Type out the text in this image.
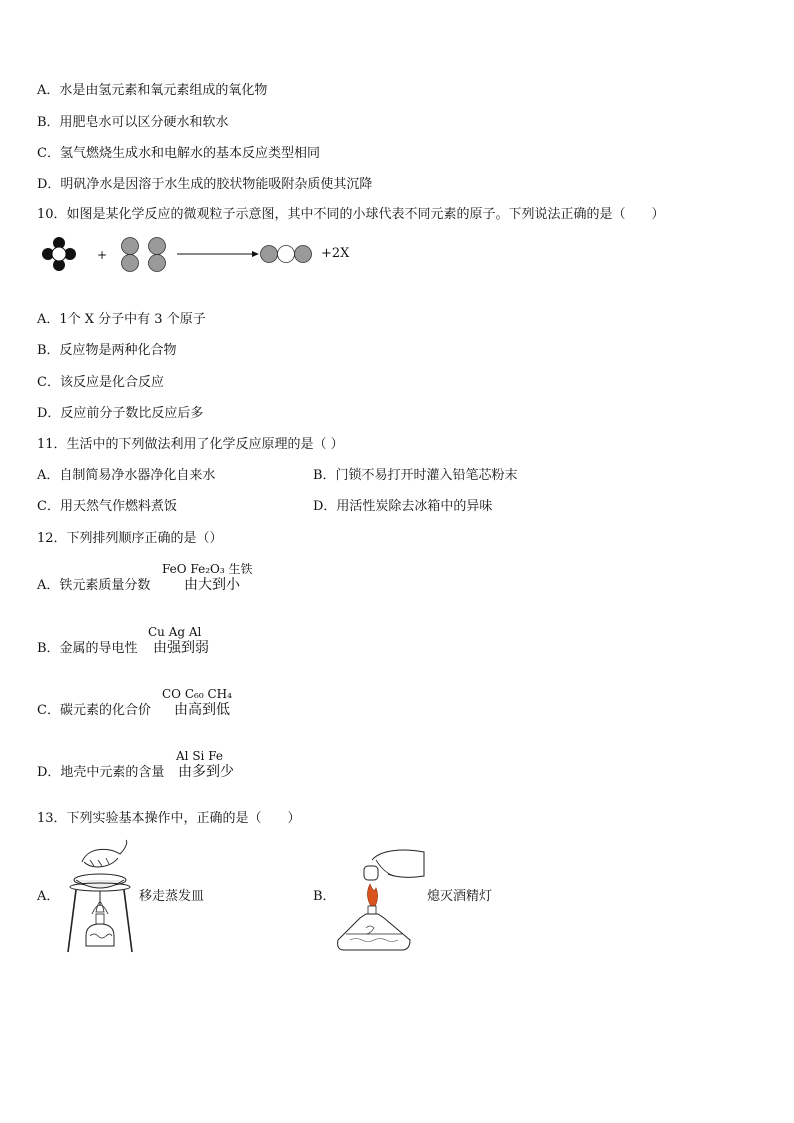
A．水是由氢元素和氧元素组成的氧化物
B．用肥皂水可以区分硬水和软水
C．氢气燃烧生成水和电解水的基本反应类型相同
D．明矾净水是因溶于水生成的胶状物能吸附杂质使其沉降
10．如图是某化学反应的微观粒子示意图，其中不同的小球代表不同元素的原子。下列说法正确的是（　　）
+	+2X
A．1个 X 分子中有 3 个原子
B．反应物是两种化合物
C．该反应是化合反应
D．反应前分子数比反应后多
11．生活中的下列做法利用了化学反应原理的是（ ）
A．自制简易净水器净化自来水	B．门锁不易打开时灌入铅笔芯粉末
C．用天然气作燃料煮饭	D．用活性炭除去冰箱中的异味
12．下列排列顺序正确的是（）
A．铁元素质量分数
FeO Fe₂O₃ 生铁
由大到小
B．金属的导电性
Cu Ag Al
由强到弱
C．碳元素的化合价
CO C₆₀ CH₄
由高到低
D．地壳中元素的含量
Al Si Fe
由多到少
13．下列实验基本操作中，正确的是（　　）
A．	移走蒸发皿	B．	熄灭酒精灯
